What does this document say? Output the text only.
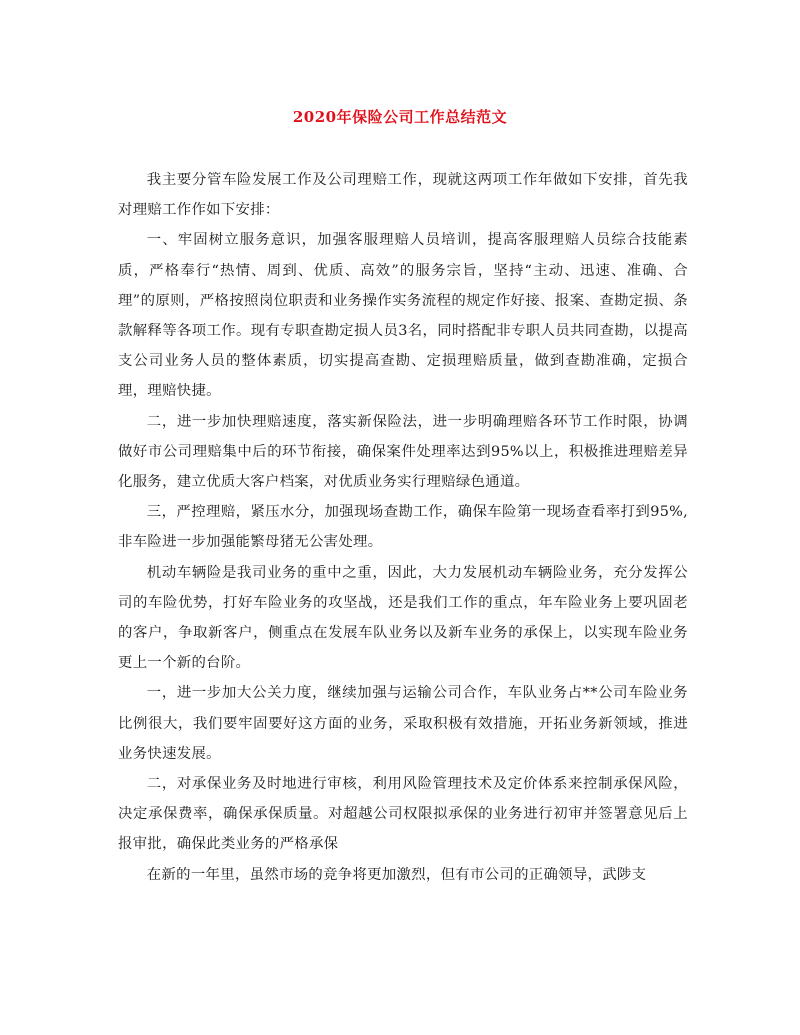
2020年保险公司工作总结范文

我主要分管车险发展工作及公司理赔工作，现就这两项工作年做如下安排，首先我对理赔工作作如下安排：

一、牢固树立服务意识，加强客服理赔人员培训，提高客服理赔人员综合技能素质，严格奉行“热情、周到、优质、高效”的服务宗旨，坚持“主动、迅速、准确、合理”的原则，严格按照岗位职责和业务操作实务流程的规定作好接、报案、查勘定损、条款解释等各项工作。现有专职查勘定损人员3名，同时搭配非专职人员共同查勘，以提高支公司业务人员的整体素质，切实提高查勘、定损理赔质量，做到查勘准确，定损合理，理赔快捷。

二，进一步加快理赔速度，落实新保险法，进一步明确理赔各环节工作时限，协调做好市公司理赔集中后的环节衔接，确保案件处理率达到95%以上，积极推进理赔差异化服务，建立优质大客户档案，对优质业务实行理赔绿色通道。

三，严控理赔，紧压水分，加强现场查勘工作，确保车险第一现场查看率打到95%,非车险进一步加强能繁母猪无公害处理。

机动车辆险是我司业务的重中之重，因此，大力发展机动车辆险业务，充分发挥公司的车险优势，打好车险业务的攻坚战，还是我们工作的重点，年车险业务上要巩固老的客户，争取新客户，侧重点在发展车队业务以及新车业务的承保上，以实现车险业务更上一个新的台阶。

一，进一步加大公关力度，继续加强与运输公司合作，车队业务占**公司车险业务比例很大，我们要牢固要好这方面的业务，采取积极有效措施，开拓业务新领域，推进业务快速发展。

二，对承保业务及时地进行审核，利用风险管理技术及定价体系来控制承保风险，决定承保费率，确保承保质量。对超越公司权限拟承保的业务进行初审并签署意见后上报审批，确保此类业务的严格承保

在新的一年里，虽然市场的竞争将更加激烈，但有市公司的正确领导，武陟支
